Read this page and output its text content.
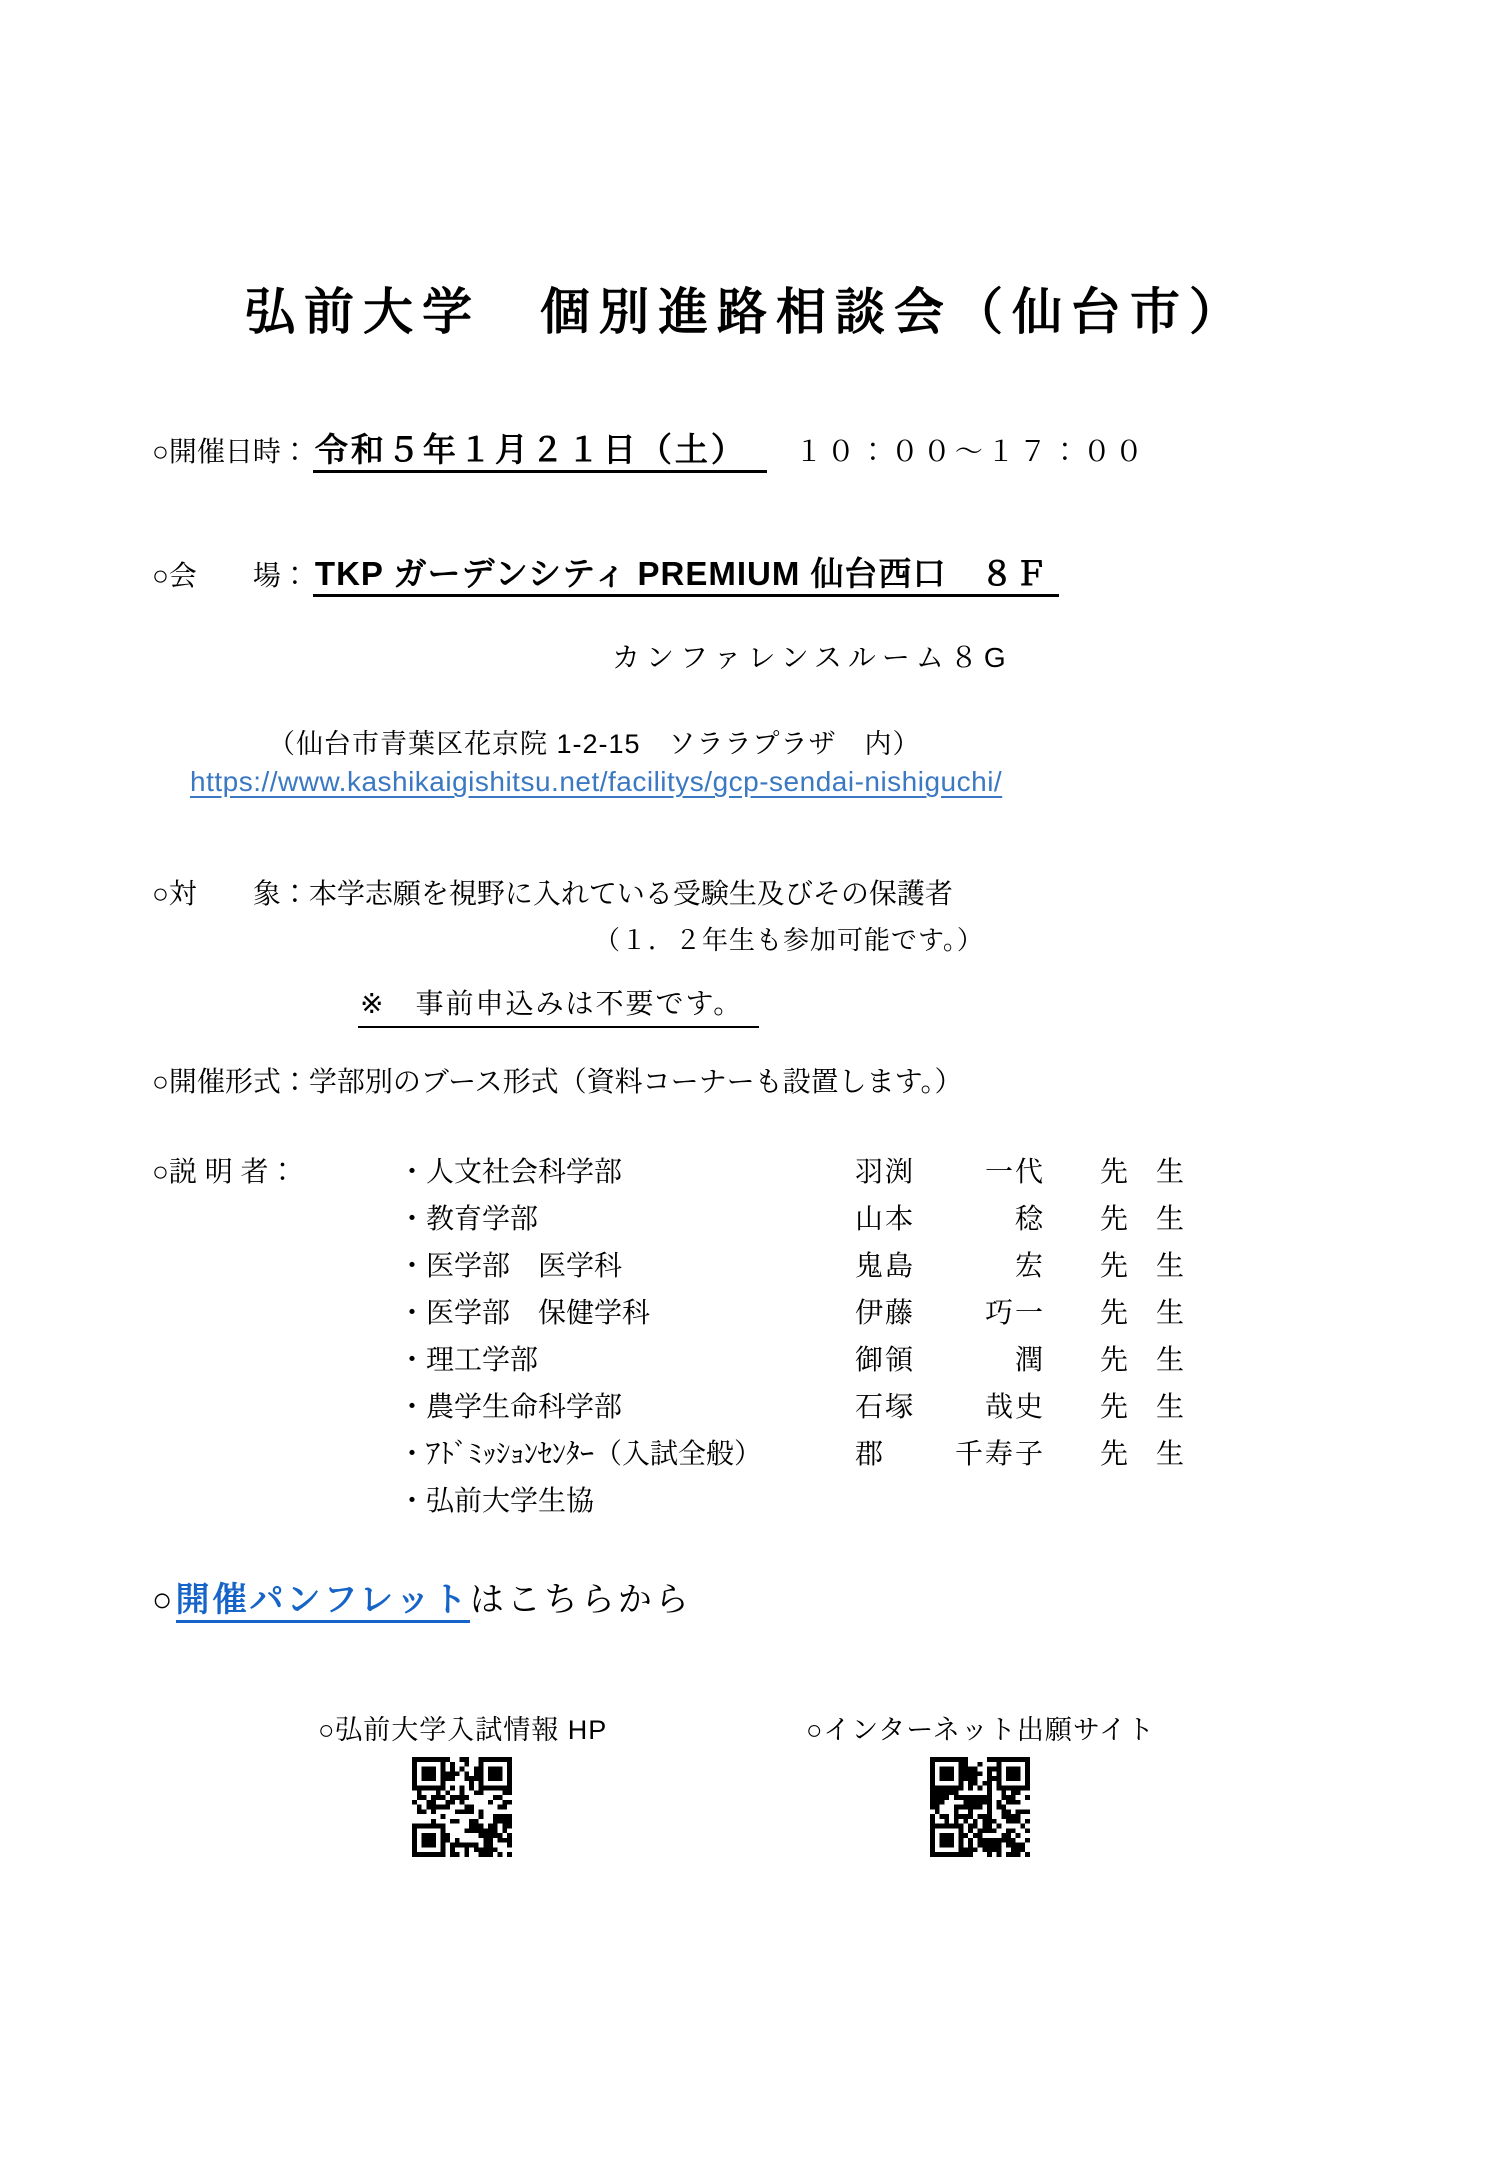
弘前大学　個別進路相談会（仙台市）
○開催日時： 令和５年１月２１日（土） １０：００～１７：００
○会　　場： TKP ガーデンシティ PREMIUM 仙台西口　８Ｆ
カンファレンスルーム８G
（仙台市青葉区花京院 1-2-15　ソララプラザ　内）
https://www.kashikaigishitsu.net/facilitys/gcp-sendai-nishiguchi/
○対　　象：本学志願を視野に入れている受験生及びその保護者
（１．２年生も参加可能です。）
※　事前申込みは不要です。
○開催形式：学部別のブース形式（資料コーナーも設置します。）
○説 明 者：	・人文社会科学部	羽渕	一代 先　生
・教育学部	山本	稔 先　生
・医学部　医学科	鬼島	宏 先　生
・医学部　保健学科	伊藤	巧一 先　生
・理工学部	御領	潤 先　生
・農学生命科学部	石塚	哉史 先　生
・ｱﾄﾞﾐｯｼｮﾝｾﾝﾀｰ（入試全般）	郡	千寿子 先　生
・弘前大学生協
○開催パンフレットはこちらから
○弘前大学入試情報 HP	○インターネット出願サイト
